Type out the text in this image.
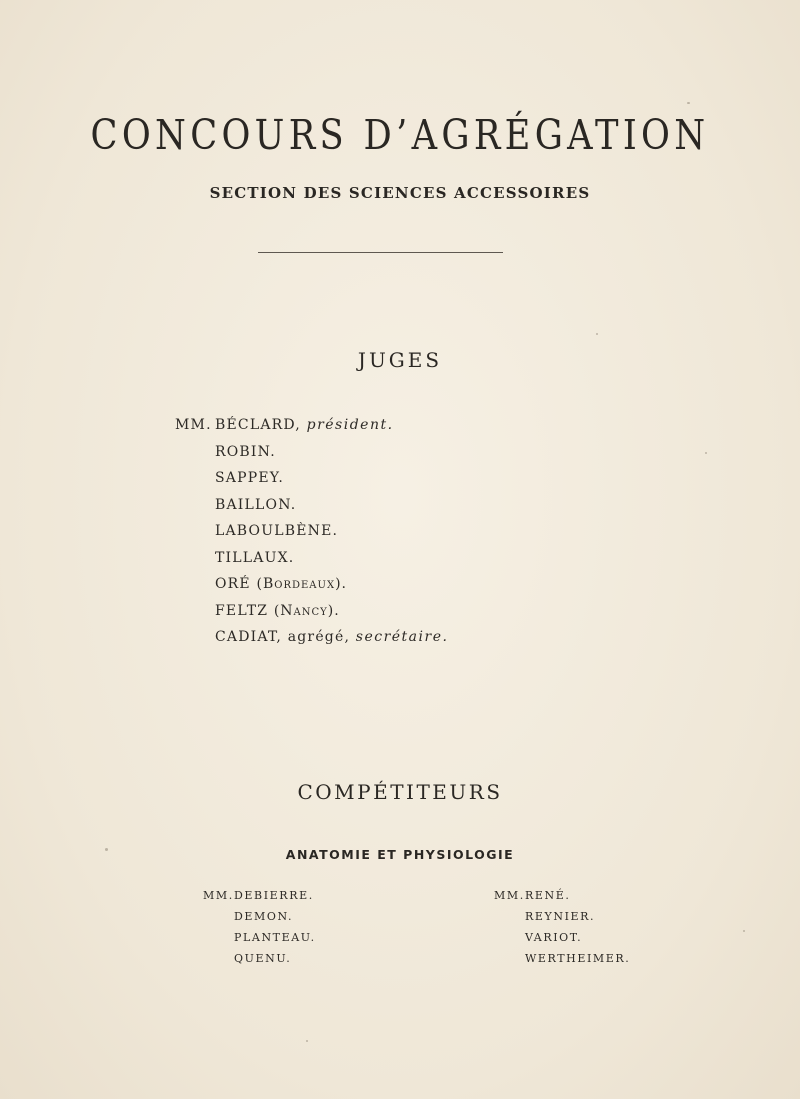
CONCOURS D’AGRÉGATION
SECTION DES SCIENCES ACCESSOIRES
JUGES
MM. BÉCLARD, président.
ROBIN.
SAPPEY.
BAILLON.
LABOULBÈNE.
TILLAUX.
ORÉ (Bordeaux).
FELTZ (Nancy).
CADIAT, agrégé, secrétaire.
COMPÉTITEURS
ANATOMIE ET PHYSIOLOGIE
MM.DEBIERRE.
DEMON.
PLANTEAU.
QUENU.
MM.RENÉ.
REYNIER.
VARIOT.
WERTHEIMER.
